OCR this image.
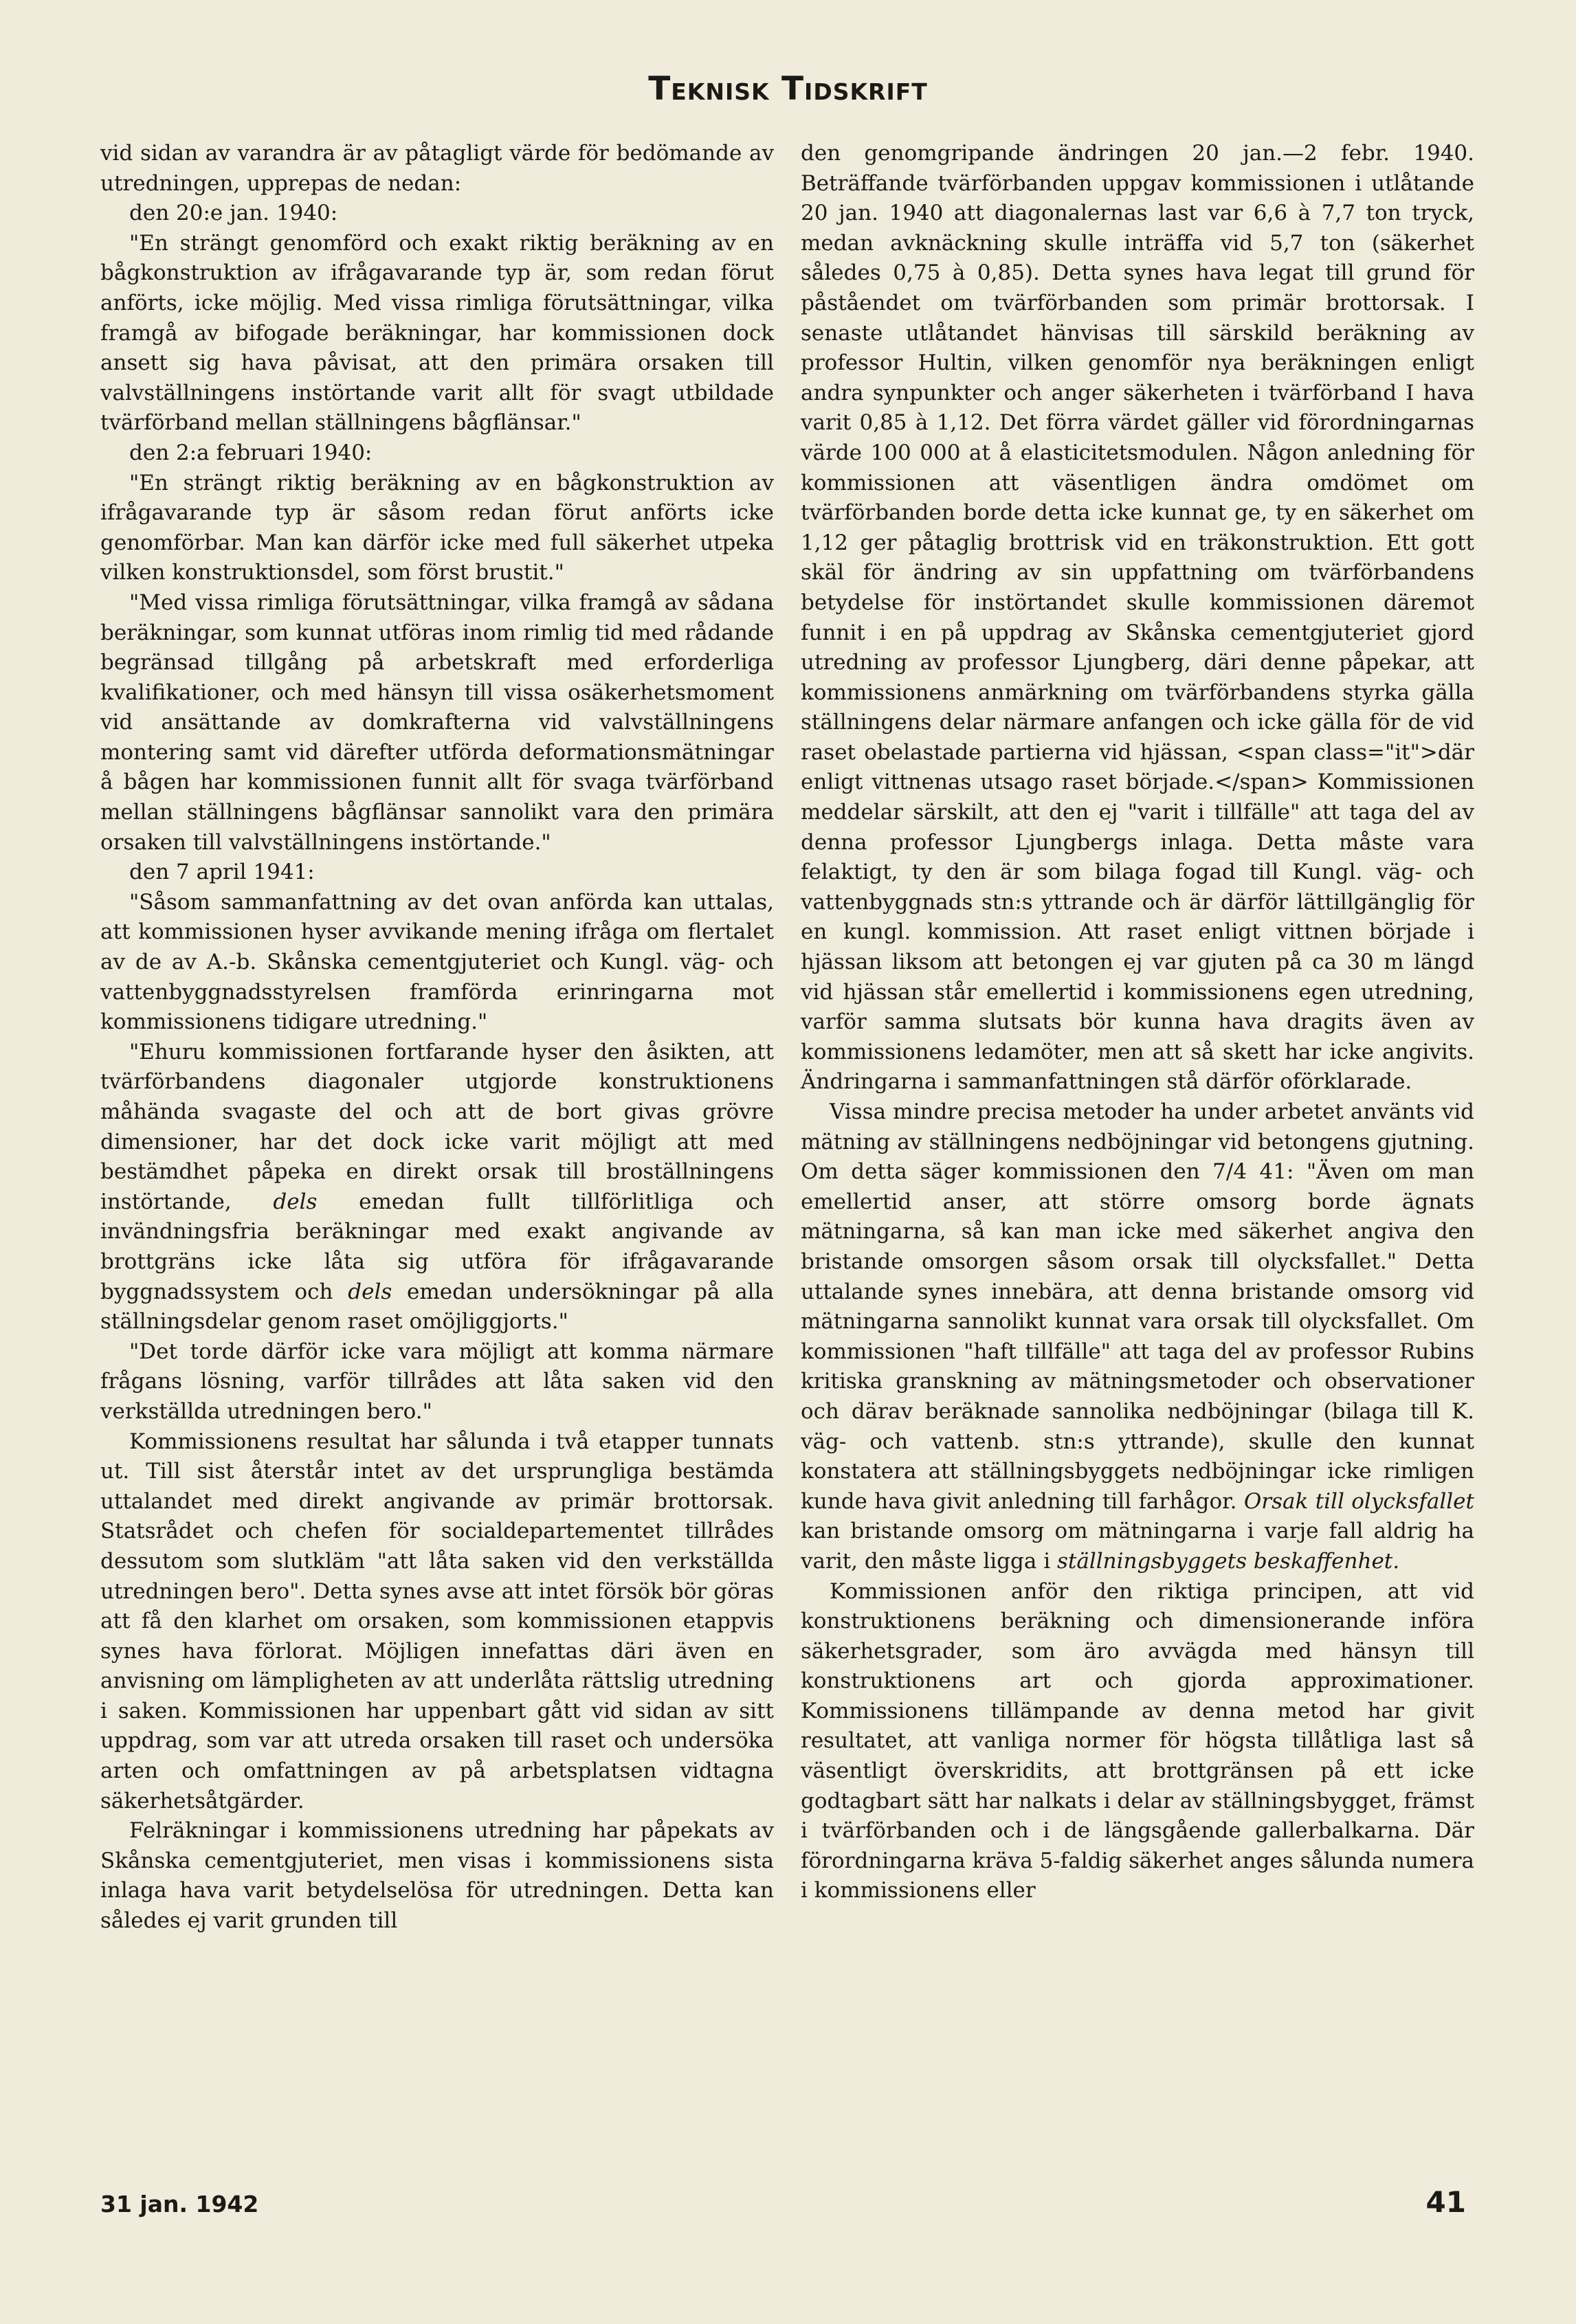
Teknisk Tidskrift

vid sidan av varandra är av påtagligt värde för bedömande av utredningen, upprepas de nedan:

den 20:e jan. 1940:

"En strängt genomförd och exakt riktig beräkning av en bågkonstruktion av ifrågavarande typ är, som redan förut anförts, icke möjlig. Med vissa rimliga förutsättningar, vilka framgå av bifogade beräkningar, har kommissionen dock ansett sig hava påvisat, att den primära orsaken till valvställningens instörtande varit allt för svagt utbildade tvärförband mellan ställningens bågflänsar."

den 2:a februari 1940:

"En strängt riktig beräkning av en bågkonstruktion av ifrågavarande typ är såsom redan förut anförts icke genomförbar. Man kan därför icke med full säkerhet utpeka vilken konstruktionsdel, som först brustit."

"Med vissa rimliga förutsättningar, vilka framgå av sådana beräkningar, som kunnat utföras inom rimlig tid med rådande begränsad tillgång på arbetskraft med erforderliga kvalifikationer, och med hänsyn till vissa osäkerhetsmoment vid ansättande av domkrafterna vid valvställningens montering samt vid därefter utförda deformationsmätningar å bågen har kommissionen funnit allt för svaga tvärförband mellan ställningens bågflänsar sannolikt vara den primära orsaken till valvställningens instörtande."

den 7 april 1941:

"Såsom sammanfattning av det ovan anförda kan uttalas, att kommissionen hyser avvikande mening ifråga om flertalet av de av A.-b. Skånska cementgjuteriet och Kungl. väg- och vattenbyggnadsstyrelsen framförda erinringarna mot kommissionens tidigare utredning."

"Ehuru kommissionen fortfarande hyser den åsikten, att tvärförbandens diagonaler utgjorde konstruktionens måhända svagaste del och att de bort givas grövre dimensioner, har det dock icke varit möjligt att med bestämdhet påpeka en direkt orsak till broställningens instörtande, dels emedan fullt tillförlitliga och invändningsfria beräkningar med exakt angivande av brottgräns icke låta sig utföra för ifrågavarande byggnadssystem och dels emedan undersökningar på alla ställningsdelar genom raset omöjliggjorts."

"Det torde därför icke vara möjligt att komma närmare frågans lösning, varför tillrådes att låta saken vid den verkställda utredningen bero."

Kommissionens resultat har sålunda i två etapper tunnats ut. Till sist återstår intet av det ursprungliga bestämda uttalandet med direkt angivande av primär brottorsak. Statsrådet och chefen för socialdepartementet tillrådes dessutom som slutkläm "att låta saken vid den verkställda utredningen bero". Detta synes avse att intet försök bör göras att få den klarhet om orsaken, som kommissionen etappvis synes hava förlorat. Möjligen innefattas däri även en anvisning om lämpligheten av att underlåta rättslig utredning i saken. Kommissionen har uppenbart gått vid sidan av sitt uppdrag, som var att utreda orsaken till raset och undersöka arten och omfattningen av på arbetsplatsen vidtagna säkerhetsåtgärder.

Felräkningar i kommissionens utredning har påpekats av Skånska cementgjuteriet, men visas i kommissionens sista inlaga hava varit betydelselösa för utredningen. Detta kan således ej varit grunden till

den genomgripande ändringen 20 jan.—2 febr. 1940. Beträffande tvärförbanden uppgav kommissionen i utlåtande 20 jan. 1940 att diagonalernas last var 6,6 à 7,7 ton tryck, medan avknäckning skulle inträffa vid 5,7 ton (säkerhet således 0,75 à 0,85). Detta synes hava legat till grund för påståendet om tvärförbanden som primär brottorsak. I senaste utlåtandet hänvisas till särskild beräkning av professor Hultin, vilken genomför nya beräkningen enligt andra synpunkter och anger säkerheten i tvärförband I hava varit 0,85 à 1,12. Det förra värdet gäller vid förordningarnas värde 100 000 at å elasticitetsmodulen. Någon anledning för kommissionen att väsentligen ändra omdömet om tvärförbanden borde detta icke kunnat ge, ty en säkerhet om 1,12 ger påtaglig brottrisk vid en träkonstruktion. Ett gott skäl för ändring av sin uppfattning om tvärförbandens betydelse för instörtandet skulle kommissionen däremot funnit i en på uppdrag av Skånska cementgjuteriet gjord utredning av professor Ljungberg, däri denne påpekar, att kommissionens anmärkning om tvärförbandens styrka gälla ställningens delar närmare anfangen och icke gälla för de vid raset obelastade partierna vid hjässan, <span class="it">där enligt vittnenas utsago raset började.</span> Kommissionen meddelar särskilt, att den ej "varit i tillfälle" att taga del av denna professor Ljungbergs inlaga. Detta måste vara felaktigt, ty den är som bilaga fogad till Kungl. väg- och vattenbyggnads stn:s yttrande och är därför lättillgänglig för en kungl. kommission. Att raset enligt vittnen började i hjässan liksom att betongen ej var gjuten på ca 30 m längd vid hjässan står emellertid i kommissionens egen utredning, varför samma slutsats bör kunna hava dragits även av kommissionens ledamöter, men att så skett har icke angivits. Ändringarna i sammanfattningen stå därför oförklarade.

Vissa mindre precisa metoder ha under arbetet använts vid mätning av ställningens nedböjningar vid betongens gjutning. Om detta säger kommissionen den 7/4 41: "Även om man emellertid anser, att större omsorg borde ägnats mätningarna, så kan man icke med säkerhet angiva den bristande omsorgen såsom orsak till olycksfallet." Detta uttalande synes innebära, att denna bristande omsorg vid mätningarna sannolikt kunnat vara orsak till olycksfallet. Om kommissionen "haft tillfälle" att taga del av professor Rubins kritiska granskning av mätningsmetoder och observationer och därav beräknade sannolika nedböjningar (bilaga till K. väg- och vattenb. stn:s yttrande), skulle den kunnat konstatera att ställningsbyggets nedböjningar icke rimligen kunde hava givit anledning till farhågor. Orsak till olycksfallet kan bristande omsorg om mätningarna i varje fall aldrig ha varit, den måste ligga i ställningsbyggets beskaffenhet.

Kommissionen anför den riktiga principen, att vid konstruktionens beräkning och dimensionerande införa säkerhetsgrader, som äro avvägda med hänsyn till konstruktionens art och gjorda approximationer. Kommissionens tillämpande av denna metod har givit resultatet, att vanliga normer för högsta tillåtliga last så väsentligt överskridits, att brottgränsen på ett icke godtagbart sätt har nalkats i delar av ställningsbygget, främst i tvärförbanden och i de längsgående gallerbalkarna. Där förordningarna kräva 5-faldig säkerhet anges sålunda numera i kommissionens eller

31 jan. 1942	41
